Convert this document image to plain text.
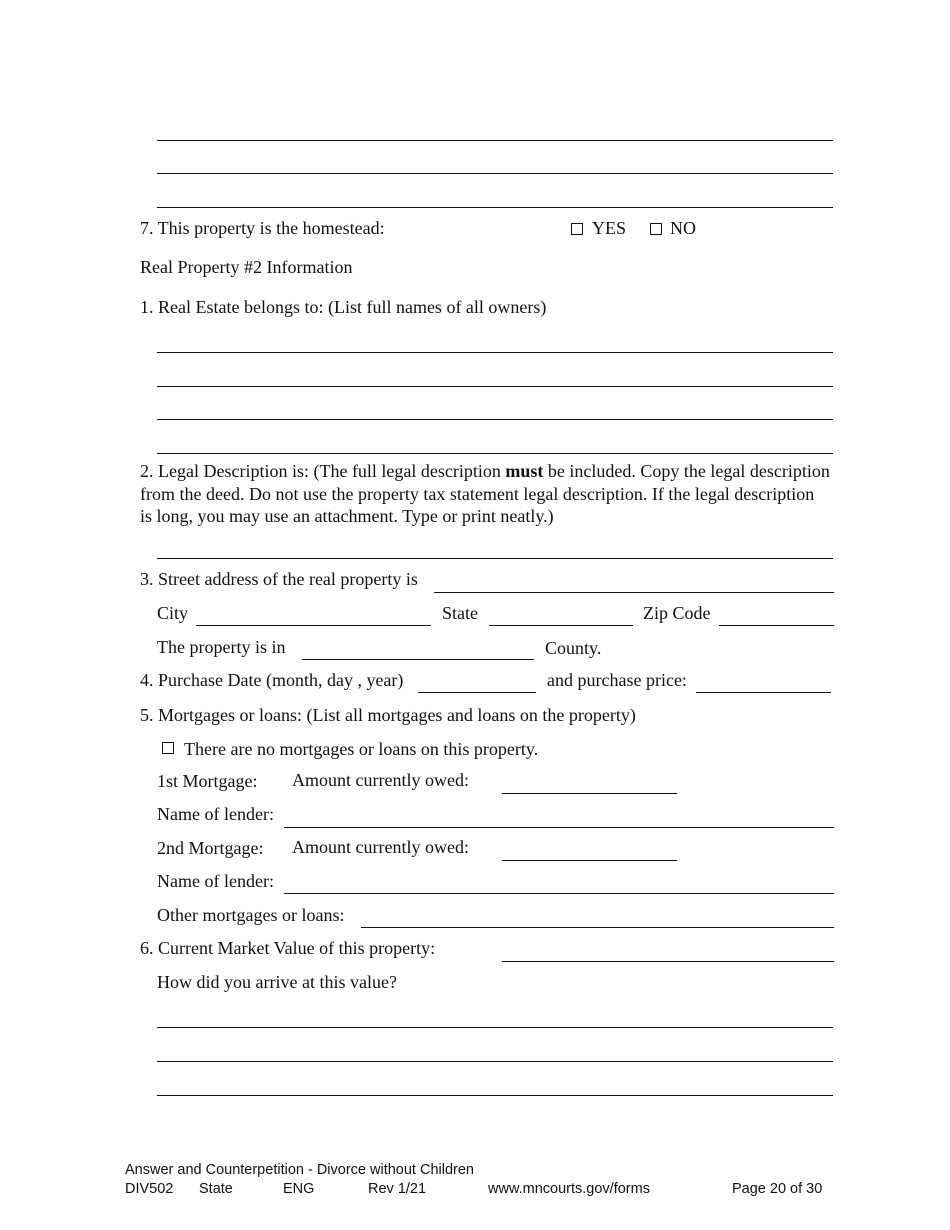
7. This property is the homestead:	YES NO
Real Property #2 Information
1. Real Estate belongs to: (List full names of all owners)
2. Legal Description is: (The full legal description must be included. Copy the legal description from the deed. Do not use the property tax statement legal description. If the legal description is long, you may use an attachment. Type or print neatly.)
3. Street address of the real property is
City	State	Zip Code
The property is in	County.
4. Purchase Date (month, day , year)	and purchase price:
5. Mortgages or loans: (List all mortgages and loans on the property)
There are no mortgages or loans on this property.
1st Mortgage: Amount currently owed:
Name of lender:
2nd Mortgage: Amount currently owed:
Name of lender:
Other mortgages or loans:
6. Current Market Value of this property:
How did you arrive at this value?
Answer and Counterpetition - Divorce without Children
DIV502 State	ENG	Rev 1/21	www.mncourts.gov/forms	Page 20 of 30
